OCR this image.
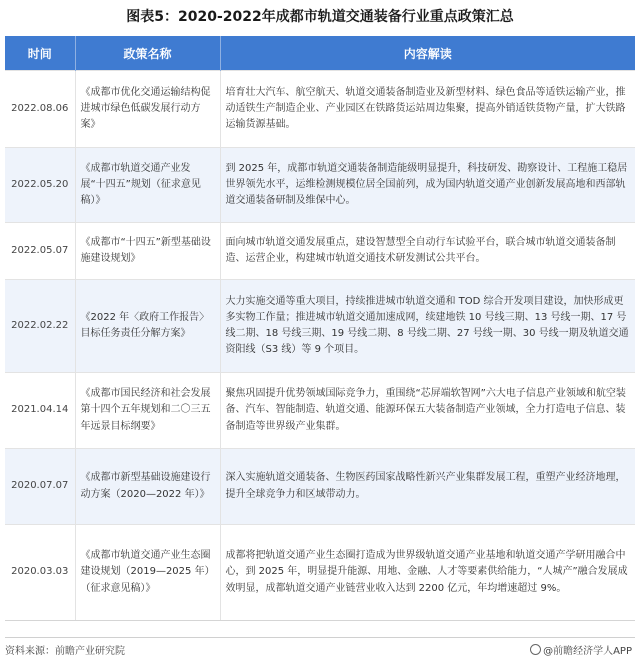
图表5：2020-2022年成都市轨道交通装备行业重点政策汇总
时间	政策名称	内容解读
2022.08.06	《成都市优化交通运输结构促进城市绿色低碳发展行动方案》	培育壮大汽车、航空航天、轨道交通装备制造业及新型材料、绿色食品等适铁运输产业，推动适铁生产制造企业、产业园区在铁路货运站周边集聚，提高外销适铁货物产量，扩大铁路运输货源基础。
2022.05.20	《成都市轨道交通产业发展“十四五”规划（征求意见稿）》	到 2025 年，成都市轨道交通装备制造能级明显提升，科技研发、勘察设计、工程施工稳居世界领先水平，运维检测规模位居全国前列，成为国内轨道交通产业创新发展高地和西部轨道交通装备研制及维保中心。
2022.05.07	《成都市“十四五”新型基础设施建设规划》	面向城市轨道交通发展重点，建设智慧型全自动行车试验平台，联合城市轨道交通装备制造、运营企业，构建城市轨道交通技术研发测试公共平台。
2022.02.22	《2022 年〈政府工作报告〉目标任务责任分解方案》	大力实施交通等重大项目，持续推进城市轨道交通和 TOD 综合开发项目建设，加快形成更多实物工作量；推进城市轨道交通加速成网，续建地铁 10 号线三期、13 号线一期、17 号线二期、18 号线三期、19 号线二期、8 号线二期、27 号线一期、30 号线一期及轨道交通资阳线（S3 线）等 9 个项目。
2021.04.14	《成都市国民经济和社会发展第十四个五年规划和二〇三五年远景目标纲要》	聚焦巩固提升优势领域国际竞争力，重围绕“芯屏端软智网”六大电子信息产业领域和航空装备、汽车、智能制造、轨道交通、能源环保五大装备制造产业领域，全力打造电子信息、装备制造等世界级产业集群。
2020.07.07	《成都市新型基础设施建设行动方案（2020—2022 年）》	深入实施轨道交通装备、生物医药国家战略性新兴产业集群发展工程，重塑产业经济地理，提升全球竞争力和区域带动力。
2020.03.03	《成都市轨道交通产业生态圈建设规划（2019—2025 年）（征求意见稿）》	成都将把轨道交通产业生态圈打造成为世界级轨道交通产业基地和轨道交通产学研用融合中心，到 2025 年，明显提升能源、用地、金融、人才等要素供给能力，“人城产”融合发展成效明显，成都轨道交通产业链营业收入达到 2200 亿元，年均增速超过 9%。
资料来源：前瞻产业研究院	@前瞻经济学人APP
